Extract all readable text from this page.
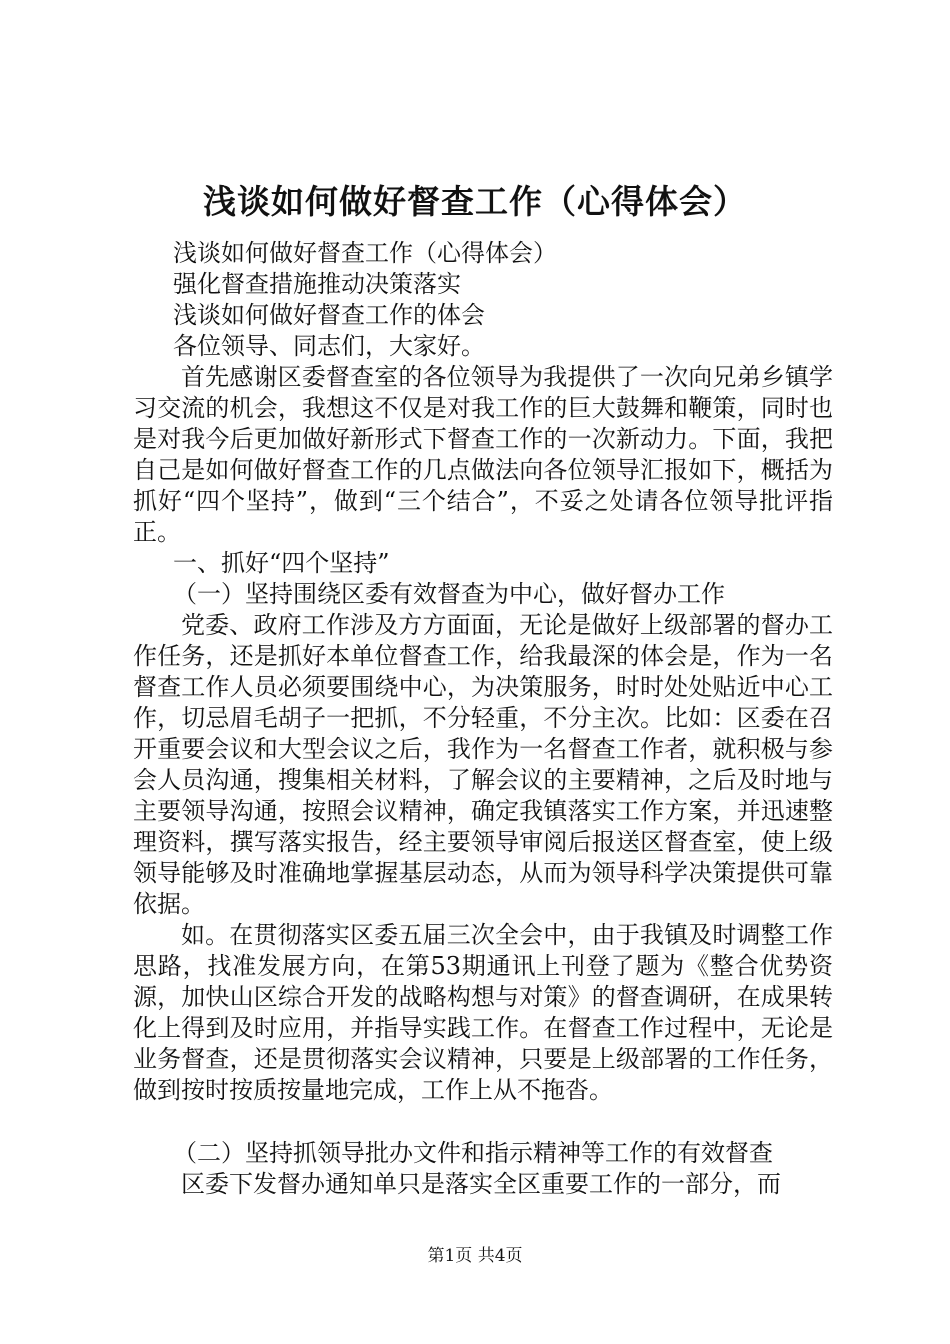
浅谈如何做好督查工作（心得体会）

浅谈如何做好督查工作（心得体会）

强化督查措施推动决策落实

浅谈如何做好督查工作的体会

各位领导、同志们，大家好。

首先感谢区委督查室的各位领导为我提供了一次向兄弟乡镇学习交流的机会，我想这不仅是对我工作的巨大鼓舞和鞭策，同时也是对我今后更加做好新形式下督查工作的一次新动力。下面，我把自己是如何做好督查工作的几点做法向各位领导汇报如下，概括为抓好“四个坚持”，做到“三个结合”，不妥之处请各位领导批评指正。

一、抓好“四个坚持”

（一）坚持围绕区委有效督查为中心，做好督办工作

党委、政府工作涉及方方面面，无论是做好上级部署的督办工作任务，还是抓好本单位督查工作，给我最深的体会是，作为一名督查工作人员必须要围绕中心，为决策服务，时时处处贴近中心工作，切忌眉毛胡子一把抓，不分轻重，不分主次。比如：区委在召开重要会议和大型会议之后，我作为一名督查工作者，就积极与参会人员沟通，搜集相关材料，了解会议的主要精神，之后及时地与主要领导沟通，按照会议精神，确定我镇落实工作方案，并迅速整理资料，撰写落实报告，经主要领导审阅后报送区督查室，使上级领导能够及时准确地掌握基层动态，从而为领导科学决策提供可靠依据。

如。在贯彻落实区委五届三次全会中，由于我镇及时调整工作思路，找准发展方向，在第53期通讯上刊登了题为《整合优势资源，加快山区综合开发的战略构想与对策》的督查调研，在成果转化上得到及时应用，并指导实践工作。在督查工作过程中，无论是业务督查，还是贯彻落实会议精神，只要是上级部署的工作任务，做到按时按质按量地完成，工作上从不拖沓。

（二）坚持抓领导批办文件和指示精神等工作的有效督查

区委下发督办通知单只是落实全区重要工作的一部分，而

第1页 共4页
